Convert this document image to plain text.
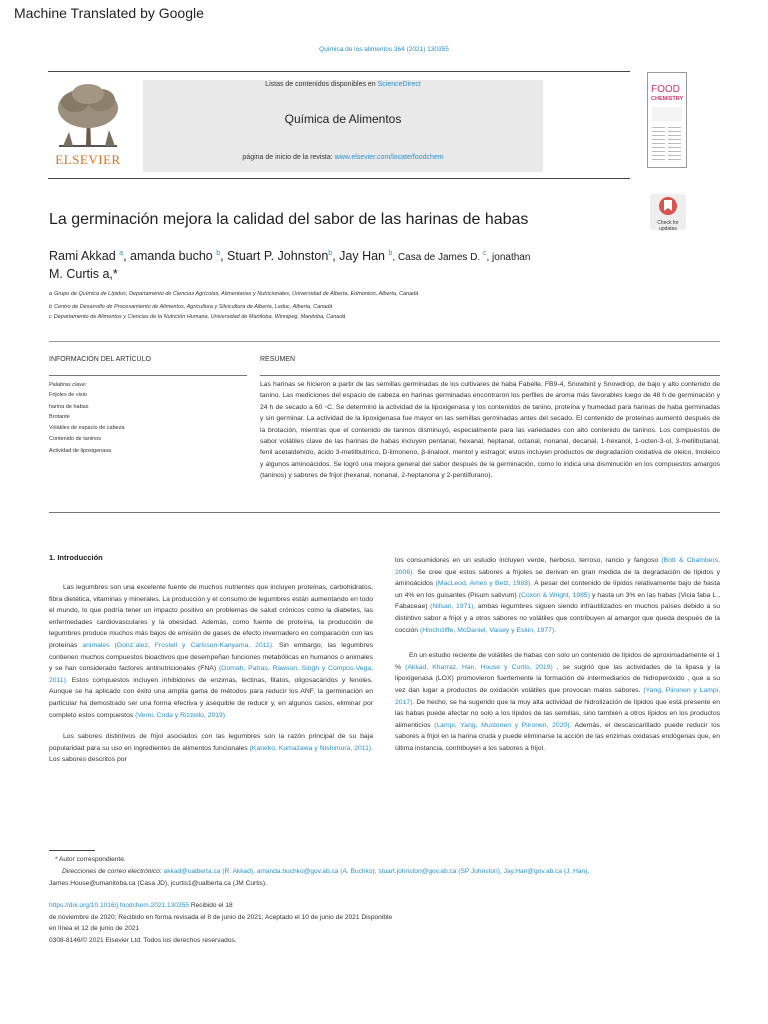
Machine Translated by Google
Química de los alimentos 364 (2021) 130355
ELSEVIER
Listas de contenidos disponibles en ScienceDirect
Química de Alimentos
página de inicio de la revista: www.elsevier.com/locate/foodchem
FOOD
CHEMISTRY
La germinación mejora la calidad del sabor de las harinas de habas	Check for
updates
Rami Akkad $^a$, amanda bucho $^b$, Stuart P. Johnston$^b$, Jay Han $^b$, Casa de James D. $^c$, jonathan
M. Curtis a,*
a Grupo de Química de Lípidos, Departamento de Ciencias Agrícolas, Alimentarias y Nutricionales, Universidad de Alberta, Edmonton, Alberta, Canadá
b Centro de Desarrollo de Procesamiento de Alimentos, Agricultura y Silvicultura de Alberta, Leduc, Alberta, Canadá
c Departamento de Alimentos y Ciencias de la Nutrición Humana, Universidad de Manitoba, Winnipeg, Manitoba, Canadá
INFORMACIÓN DEL ARTÍCULO
Palabras clave:
Frijoles de visio
harina de habas
Brotante
Volátiles de espacio de cabeza
Contenido de taninos
Actividad de lipoxigenasa
RESUMEN
Las harinas se hicieron a partir de las semillas germinadas de los cultivares de haba Fabelle, FB9-4, Snowbird y Snowdrop, de bajo y alto contenido de tanino. Las mediciones del espacio de cabeza en harinas germinadas encontraron los perfiles de aroma más favorables luego de 48 h de germinación y 24 h de secado a 60 ◦C. Se determinó la actividad de la lipoxigenasa y los contenidos de tanino, proteína y humedad para harinas de haba germinadas y sin germinar. La actividad de la lipoxigenasa fue mayor en las semillas germinadas antes del secado. El contenido de proteínas aumentó después de la brotación, mientras que el contenido de taninos disminuyó, especialmente para las variedades con alto contenido de taninos. Los compuestos de sabor volátiles clave de las harinas de habas incluyen pentanal, hexanal, heptanal, octanal, nonanal, decanal, 1-hexanol, 1-octen-3-ol, 3-metilbutanal, fenil acetaldehído, ácido 3-metilbutírico, D-limoneno, β-linalool, mentol y estragol; estos incluyen productos de degradación oxidativa de oleico, linoleico y algunos aminoácidos. Se logró una mejora general del sabor después de la germinación, como lo indica una disminución en los compuestos amargos (taninos) y sabores de frijol (hexanal, nonanal, 2-heptanona y 2-pentilfurano).
1. Introducción

Las legumbres son una excelente fuente de muchos nutrientes que incluyen proteínas, carbohidratos, fibra dietética, vitaminas y minerales. La producción y el consumo de legumbres están aumentando en todo el mundo, lo que podría tener un impacto positivo en problemas de salud crónicos como la diabetes, las enfermedades cardiovasculares y la obesidad. Además, como fuente de proteína, la producción de legumbres produce muchos más bajos de emisión de gases de efecto invernadero en comparación con las proteínas animales (Gonz´alez, Frostell y Carlsson-Kanyama, 2011). Sin embargo, las legumbres contienen muchos compuestos bioactivos que desempeñan funciones metabólicas en humanos o animales y se han considerado factores antinutricionales (FNA) (Oomah, Patras, Rawson, Singh y Compos-Vega, 2011). Estos compuestos incluyen inhibidores de enzimas, lectinas, fitatos, oligosacáridos y fenoles. Aunque se ha aplicado con éxito una amplia gama de métodos para reducir los ANF, la germinación en particular ha demostrado ser una forma efectiva y asequible de reducir y, en algunos casos, eliminar por completo estos compuestos (Verni, Coda y Rizzello, 2019).

Los sabores distintivos de frijol asociados con las legumbres son la razón principal de su baja popularidad para su uso en ingredientes de alimentos funcionales (Kaneko, Kumazawa y Nishimura, 2011). Los sabores descritos por

los consumidores en un estudio incluyen verde, herboso, terroso, rancio y fangoso (Bott & Chambers, 2006). Se cree que estos sabores a frijoles se derivan en gran medida de la degradación de lípidos y aminoácidos (MacLeod, Ames y Betz, 1988). A pesar del contenido de lípidos relativamente bajo de hasta un 4% en los guisantes (Pisum sativum) (Coxon & Wright, 1985) y hasta un 3% en las habas (Vicia faba L., Fabaceae) (Nitsan, 1971), ambas legumbres siguen siendo infrautilizados en muchos países debido a su distintivo sabor a frijol y a otros sabores no volátiles que contribuyen al amargor que queda después de la cocción (Hinchcliffe, McDaniel, Vaisey y Eskin, 1977).

En un estudio reciente de volátiles de habas con solo un contenido de lípidos de aproximadamente el 1 % (Akkad, Kharraz, Han, House y Curtis, 2019) , se sugirió que las actividades de la lipasa y la lipoxigenasa (LOX) promovieron fuertemente la formación de intermediarios de hidroperóxido , que a su vez dan lugar a productos de oxidación volátiles que provocan malos sabores. (Yang, Piironen y Lampi, 2017). De hecho, se ha sugerido que la muy alta actividad de hidrolización de lípidos que está presente en las habas puede afectar no solo a los lípidos de las semillas, sino también a otros lípidos en los productos alimenticios (Lampi, Yang, Mustonen y Piironen, 2020). Además, el descascarillado puede reducir los sabores a frijol en la harina cruda y puede eliminarse la acción de las enzimas oxidasas endógenas que, en última instancia, contribuyen a los sabores a frijol.

* Autor correspondiente.
Direcciones de correo electrónico: akkad@ualberta.ca (R. Akkad), amanda.buchko@gov.ab.ca (A. Buchko), stuart.johnston@gov.ab.ca (SP Johnston), Jay.Han@gov.ab.ca (J. Han),
James.House@umanitoba.ca (Casa JD), jcurtis1@ualberta.ca (JM Curtis).
https://doi.org/10.1016/j.foodchem.2021.130355 Recibido el 18
de noviembre de 2020; Recibido en forma revisada el 8 de junio de 2021; Aceptado el 10 de junio de 2021 Disponible
en línea el 12 de junio de 2021
0308-8146/© 2021 Elsevier Ltd. Todos los derechos reservados.
